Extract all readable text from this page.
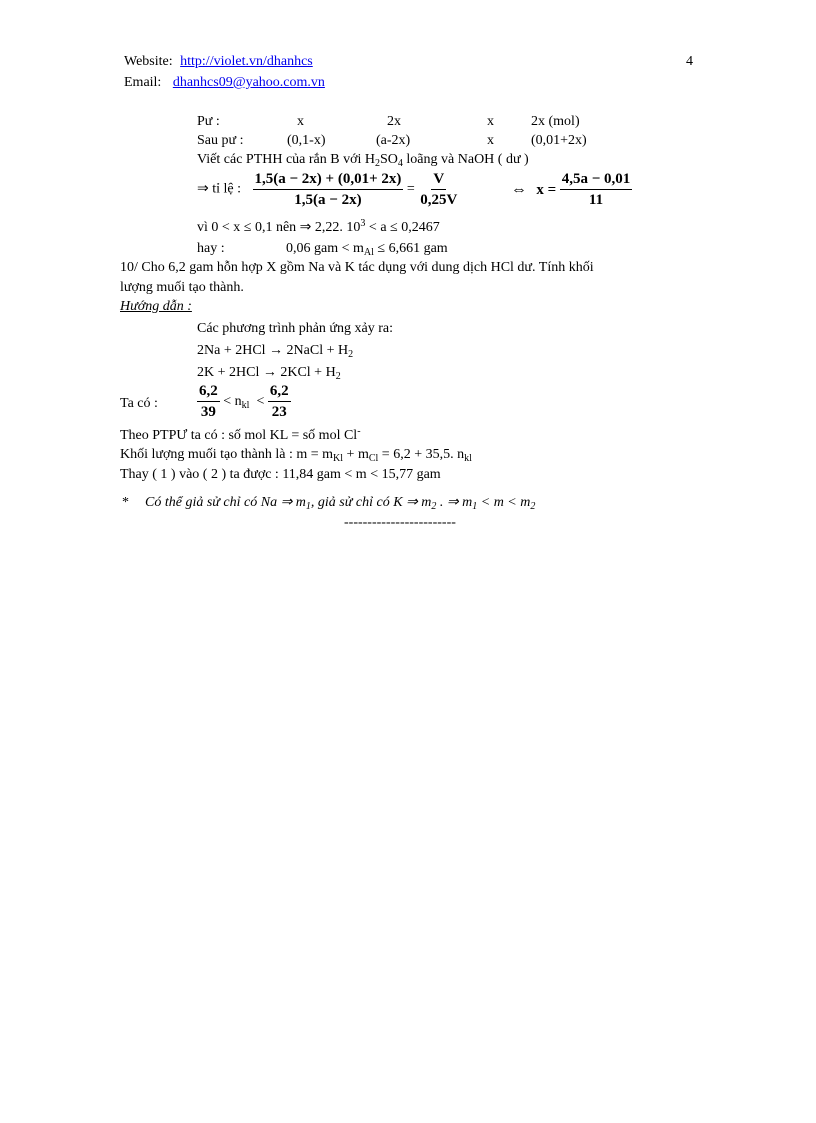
Website: http://violet.vn/dhanhcs	4
Email: dhanhcs09@yahoo.com.vn
Pư :	x	2x	x	2x (mol)
Sau pư :	(0,1-x)	(a-2x)	x	(0,01+2x)
Viết các PTHH của rắn B với $H_2SO_4$ loãng và NaOH ( dư )
⇒ tỉ lệ : $\frac{1,5(a - 2x) + (0,01+ 2x)}{1,5(a - 2x)} = \frac{V}{0,25V}$	⇔ $x = \frac{4,5a - 0,01}{11}$
vì 0 < x ≤ 0,1 nên ⇒ 2,22. $10^3 < a \le 0,2467$
hay :	0,06 gam < $m_{Al} \le 6,661$ gam
10/ Cho 6,2 gam hỗn hợp X gồm Na và K tác dụng với dung dịch HCl dư. Tính khối
lượng muối tạo thành.
Hướng dẫn :
Các phương trình phản ứng xảy ra:
2Na + 2HCl → 2NaCl + $H_2$
$2K + 2HCl \to 2KCl + H_2$
Ta có :	$\frac{6,2}{39} < n_{kl} < \frac{6,2}{23}$
Theo PTPƯ ta có : số mol KL = số mol Cl-
Khối lượng muối tạo thành là : $m = m_{Kl} + m_{Cl} = 6,2 + 35,5$. $n_{kl}$
Thay ( 1 ) vào ( 2 ) ta được : 11,84 gam < m < 15,77 gam
* Có thể giả sử chỉ có Na ⇒ $m_1$, giả sử chỉ có K ⇒ $m_2$ . ⇒ $m_1 < m < m_2$
------------------------
